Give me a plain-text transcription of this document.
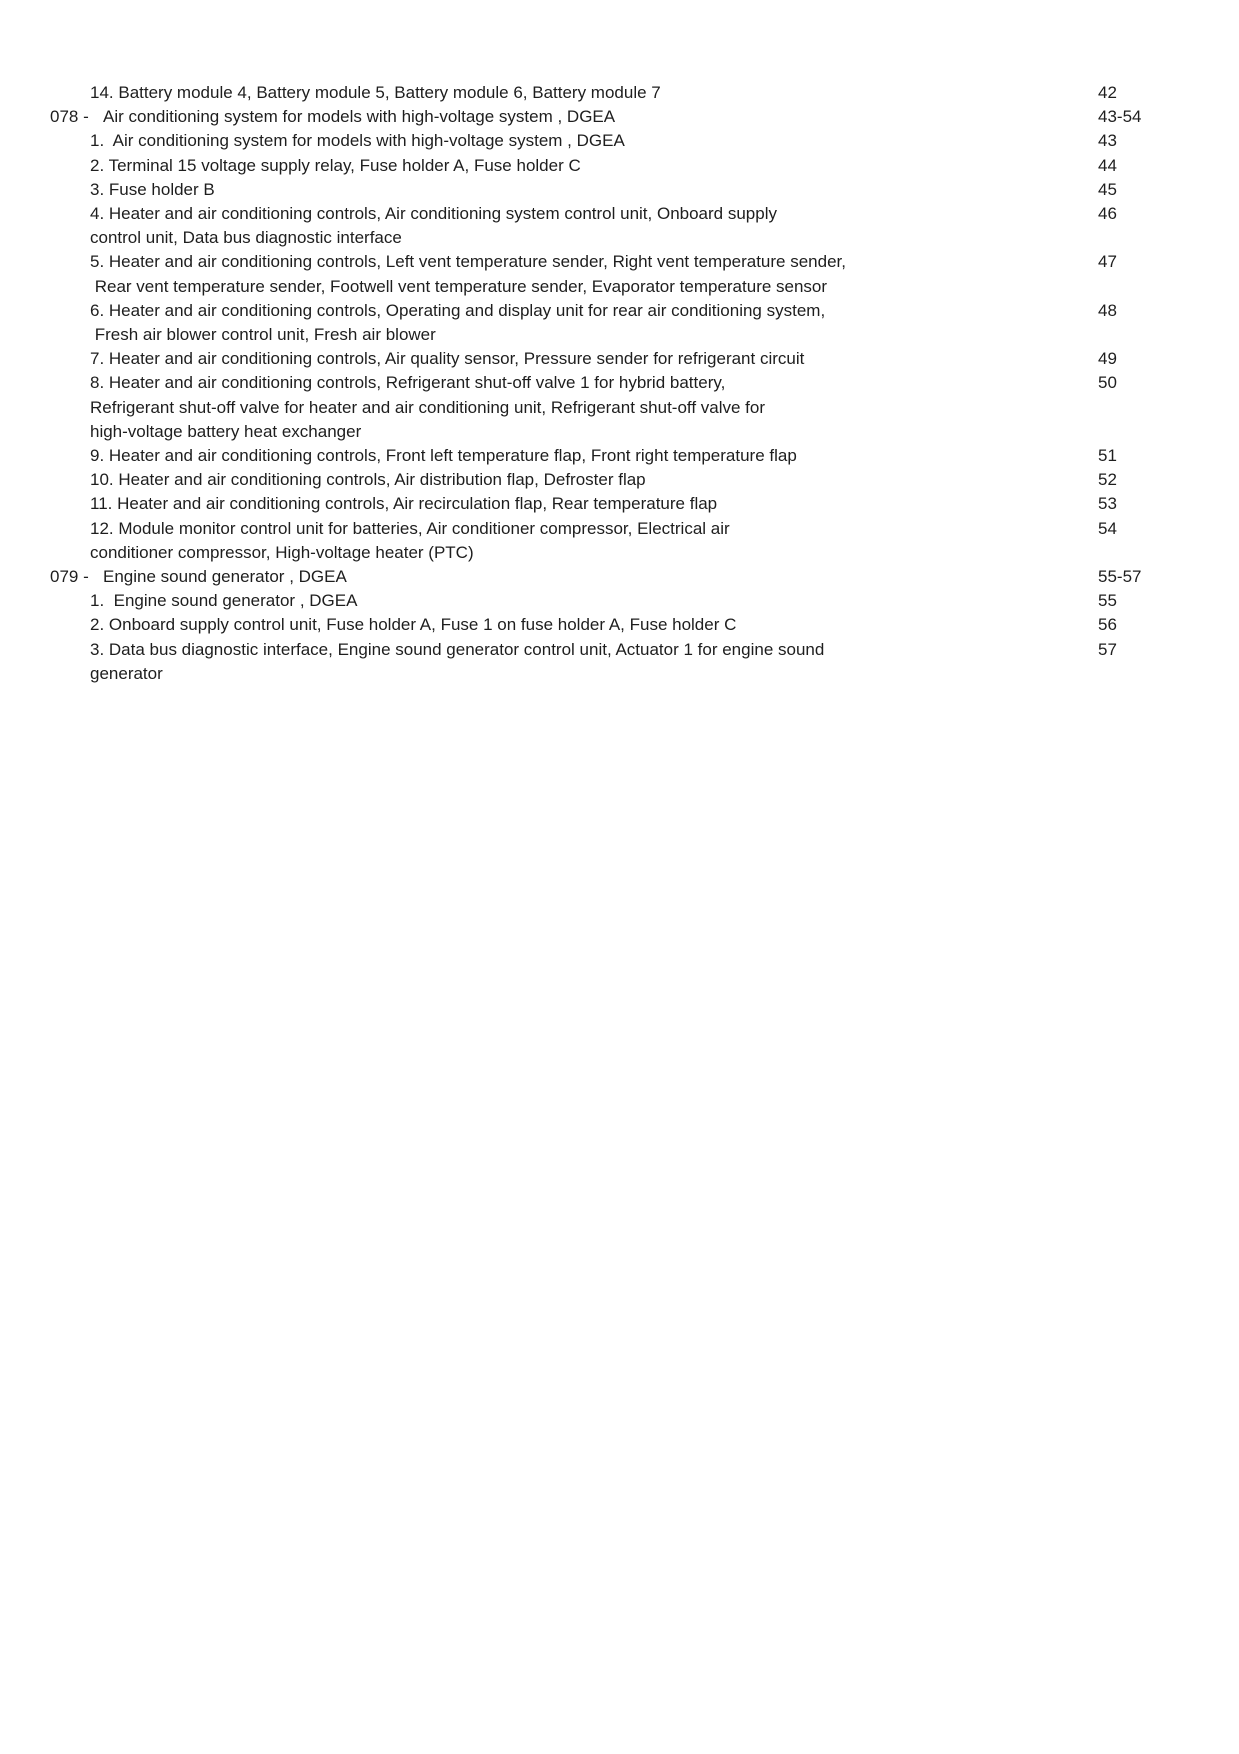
14. Battery module 4, Battery module 5, Battery module 6, Battery module 7	42
078 - Air conditioning system for models with high-voltage system , DGEA	43-54
1.  Air conditioning system for models with high-voltage system , DGEA	43
2. Terminal 15 voltage supply relay, Fuse holder A, Fuse holder C	44
3. Fuse holder B	45
4. Heater and air conditioning controls, Air conditioning system control unit, Onboard supply	46
control unit, Data bus diagnostic interface
5. Heater and air conditioning controls, Left vent temperature sender, Right vent temperature sender,	47
Rear vent temperature sender, Footwell vent temperature sender, Evaporator temperature sensor
6. Heater and air conditioning controls, Operating and display unit for rear air conditioning system,	48
Fresh air blower control unit, Fresh air blower
7. Heater and air conditioning controls, Air quality sensor, Pressure sender for refrigerant circuit	49
8. Heater and air conditioning controls, Refrigerant shut-off valve 1 for hybrid battery,	50
Refrigerant shut-off valve for heater and air conditioning unit, Refrigerant shut-off valve for
high-voltage battery heat exchanger
9. Heater and air conditioning controls, Front left temperature flap, Front right temperature flap	51
10. Heater and air conditioning controls, Air distribution flap, Defroster flap	52
11. Heater and air conditioning controls, Air recirculation flap, Rear temperature flap	53
12. Module monitor control unit for batteries, Air conditioner compressor, Electrical air	54
conditioner compressor, High-voltage heater (PTC)
079 - Engine sound generator , DGEA	55-57
1.  Engine sound generator , DGEA	55
2. Onboard supply control unit, Fuse holder A, Fuse 1 on fuse holder A, Fuse holder C	56
3. Data bus diagnostic interface, Engine sound generator control unit, Actuator 1 for engine sound	57
generator
